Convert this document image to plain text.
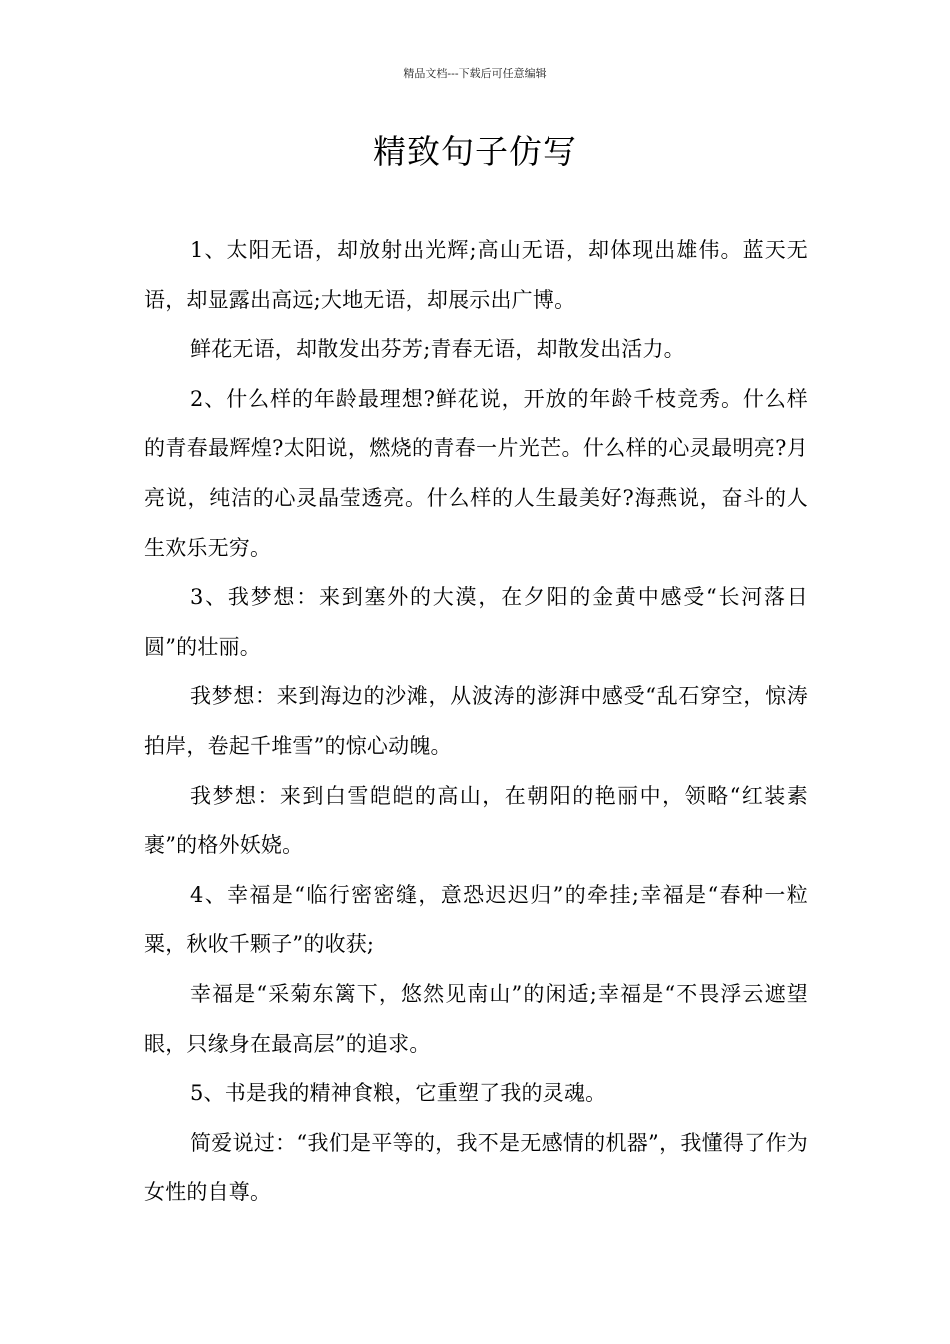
精品文档---下载后可任意编辑
精致句子仿写

1、太阳无语，却放射出光辉;高山无语，却体现出雄伟。蓝天无语，却显露出高远;大地无语，却展示出广博。

鲜花无语，却散发出芬芳;青春无语，却散发出活力。

2、什么样的年龄最理想?鲜花说，开放的年龄千枝竞秀。什么样的青春最辉煌?太阳说，燃烧的青春一片光芒。什么样的心灵最明亮?月亮说，纯洁的心灵晶莹透亮。什么样的人生最美好?海燕说，奋斗的人生欢乐无穷。

3、我梦想：来到塞外的大漠，在夕阳的金黄中感受“长河落日圆”的壮丽。

我梦想：来到海边的沙滩，从波涛的澎湃中感受“乱石穿空，惊涛拍岸，卷起千堆雪”的惊心动魄。

我梦想：来到白雪皑皑的高山，在朝阳的艳丽中，领略“红装素裹”的格外妖娆。

4、幸福是“临行密密缝，意恐迟迟归”的牵挂;幸福是“春种一粒粟，秋收千颗子”的收获;

幸福是“采菊东篱下，悠然见南山”的闲适;幸福是“不畏浮云遮望眼，只缘身在最高层”的追求。

5、书是我的精神食粮，它重塑了我的灵魂。

简爱说过：“我们是平等的，我不是无感情的机器”，我懂得了作为女性的自尊。
